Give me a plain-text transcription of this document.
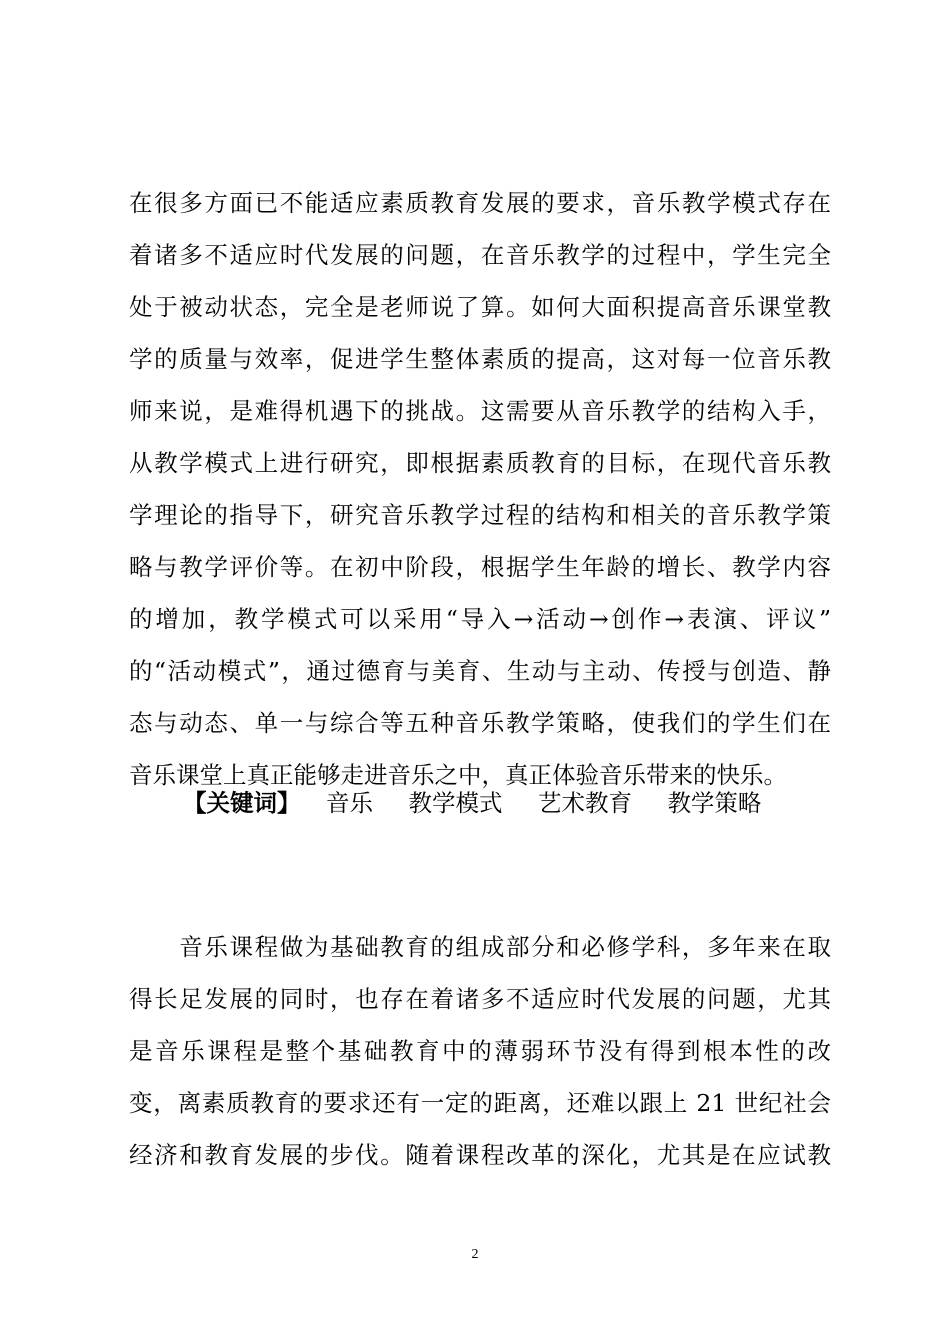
在很多方面已不能适应素质教育发展的要求，音乐教学模式存在
着诸多不适应时代发展的问题，在音乐教学的过程中，学生完全
处于被动状态，完全是老师说了算。如何大面积提高音乐课堂教
学的质量与效率，促进学生整体素质的提高，这对每一位音乐教
师来说，是难得机遇下的挑战。这需要从音乐教学的结构入手，
从教学模式上进行研究，即根据素质教育的目标，在现代音乐教
学理论的指导下，研究音乐教学过程的结构和相关的音乐教学策
略与教学评价等。在初中阶段，根据学生年龄的增长、教学内容
的增加，教学模式可以采用“导入→活动→创作→表演、评议”
的“活动模式”，通过德育与美育、生动与主动、传授与创造、静
态与动态、单一与综合等五种音乐教学策略，使我们的学生们在
音乐课堂上真正能够走进音乐之中，真正体验音乐带来的快乐。
【关键词】 音乐 教学模式 艺术教育 教学策略
　　音乐课程做为基础教育的组成部分和必修学科，多年来在取
得长足发展的同时，也存在着诸多不适应时代发展的问题，尤其
是音乐课程是整个基础教育中的薄弱环节没有得到根本性的改
变，离素质教育的要求还有一定的距离，还难以跟上 21 世纪社会
经济和教育发展的步伐。随着课程改革的深化，尤其是在应试教
2
